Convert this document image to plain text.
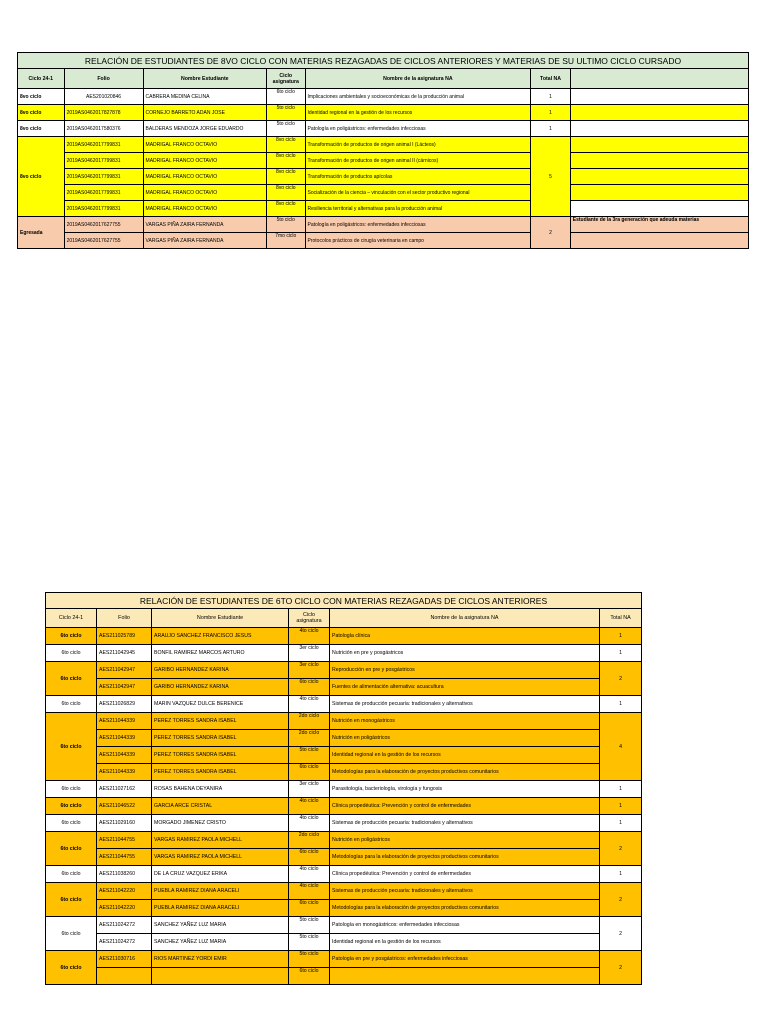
RELACIÓN DE ESTUDIANTES DE 8VO CICLO CON MATERIAS REZAGADAS DE CICLOS ANTERIORES Y MATERIAS DE SU ULTIMO CICLO CURSADO						
Ciclo 24-1	Folio	Nombre Estudiante	Ciclo asignatura	Nombre de la asignatura NA	Total NA	
8vo ciclo	AES201020846	CABRERA MEDINA CELINA	6to ciclo	Implicaciones ambientales y socioeconómicas de la producción animal	1	
8vo ciclo	2019AS0462017827878	CORNEJO BARRETO ADAN JOSE	5to ciclo	Identidad regional en la gestión de los recursos	1	
8vo ciclo	2019AS0462017580376	BALDERAS MENDOZA JORGE EDUARDO	5to ciclo	Patología en poligástricos: enfermedades infecciosas	1	
8vo ciclo	2019AS0462017799831	MADRIGAL FRANCO OCTAVIO	8vo ciclo	Transformación de productos de origen animal I (Lácteos)	5	
	2019AS0462017799831	MADRIGAL FRANCO OCTAVIO	8vo ciclo	Transformación de productos de origen animal II (cárnicos)		
	2019AS0462017799831	MADRIGAL FRANCO OCTAVIO	8vo ciclo	Transformación de productos apícolas		
	2019AS0462017799831	MADRIGAL FRANCO OCTAVIO	8vo ciclo	Socialización de la ciencia – vinculación con el sector productivo regional		
	2019AS0462017799831	MADRIGAL FRANCO OCTAVIO	8vo ciclo	Resiliencia territorial y alternativas para la producción animal		
Egresada	2019AS0462017627755	VARGAS PIÑA ZAIRA FERNANDA	5to ciclo	Patología en poligástricos: enfermedades infecciosas	2	Estudiante de la 3ra generación que adeuda materias
	2019AS0462017627755	VARGAS PIÑA ZAIRA FERNANDA	7mo ciclo	Protocolos prácticos de cirugía veterinaria en campo		
RELACIÓN DE ESTUDIANTES DE 6TO CICLO CON MATERIAS REZAGADAS DE CICLOS ANTERIORES					
Ciclo 24-1	Folio	Nombre Estudiante	Ciclo asignatura	Nombre de la asignatura NA	Total NA
6to ciclo	AES211025789	ARAUJO SANCHEZ FRANCISCO JESUS	4to ciclo	Patología clínica	1
6to ciclo	AES211042945	BONFIL RAMIREZ MARCOS ARTURO	3er ciclo	Nutrición en pre y posgástricos	1
6to ciclo	AES211042947	GARIBO HERNANDEZ KARINA	3er ciclo	Reproducción en pre y posgástricos	2
	AES211042947	GARIBO HERNANDEZ KARINA	6to ciclo	Fuentes de alimentación alternativa: acuacultura	
6to ciclo	AES211026829	MARIN VAZQUEZ DULCE BERENICE	4to ciclo	Sistemas de producción pecuaria: tradicionales y alternativos	1
6to ciclo	AES211044339	PEREZ TORRES SANDRA ISABEL	2do ciclo	Nutrición en monogástricos	4
	AES211044339	PEREZ TORRES SANDRA ISABEL	2do ciclo	Nutrición en poligástricos	
	AES211044339	PEREZ TORRES SANDRA ISABEL	5to ciclo	Identidad regional en la gestión de los recursos	
	AES211044339	PEREZ TORRES SANDRA ISABEL	6to ciclo	Metodologías para la elaboración de proyectos productivos comunitarios	
6to ciclo	AES211027162	ROSAS BAHENA DEYANIRA	3er ciclo	Parasitología, bacteriología, virología y fungosis	1
6to ciclo	AES211046522	GARCIA ARCE CRISTAL	4to ciclo	Clínica propedéutica: Prevención y control de enfermedades	1
6to ciclo	AES211029160	MORGADO JIMENEZ CRISTO	4to ciclo	Sistemas de producción pecuaria: tradicionales y alternativos	1
6to ciclo	AES211044755	VARGAS RAMIREZ PAOLA MICHELL	2do ciclo	Nutrición en poligástricos	2
	AES211044755	VARGAS RAMIREZ PAOLA MICHELL	6to ciclo	Metodologías para la elaboración de proyectos productivos comunitarios	
6to ciclo	AES211038260	DE LA CRUZ VAZQUEZ ERIKA	4to ciclo	Clínica propedéutica: Prevención y control de enfermedades	1
6to ciclo	AES211042220	PUEBLA RAMIREZ DIANA ARACELI	4to ciclo	Sistemas de producción pecuaria: tradicionales y alternativos	2
	AES211042220	PUEBLA RAMIREZ DIANA ARACELI	6to ciclo	Metodologías para la elaboración de proyectos productivos comunitarios	
6to ciclo	AES211024272	SANCHEZ YAÑEZ LUZ MARIA	5to ciclo	Patología en monogástricos: enfermedades infecciosas	2
	AES211024272	SANCHEZ YAÑEZ LUZ MARIA	5to ciclo	Identidad regional en la gestión de los recursos	
6to ciclo	AES211030716	RIOS MARTINEZ YORDI EMIR	5to ciclo	Patología en pre y posgástricos: enfermedades infecciosas	2
			6to ciclo		
